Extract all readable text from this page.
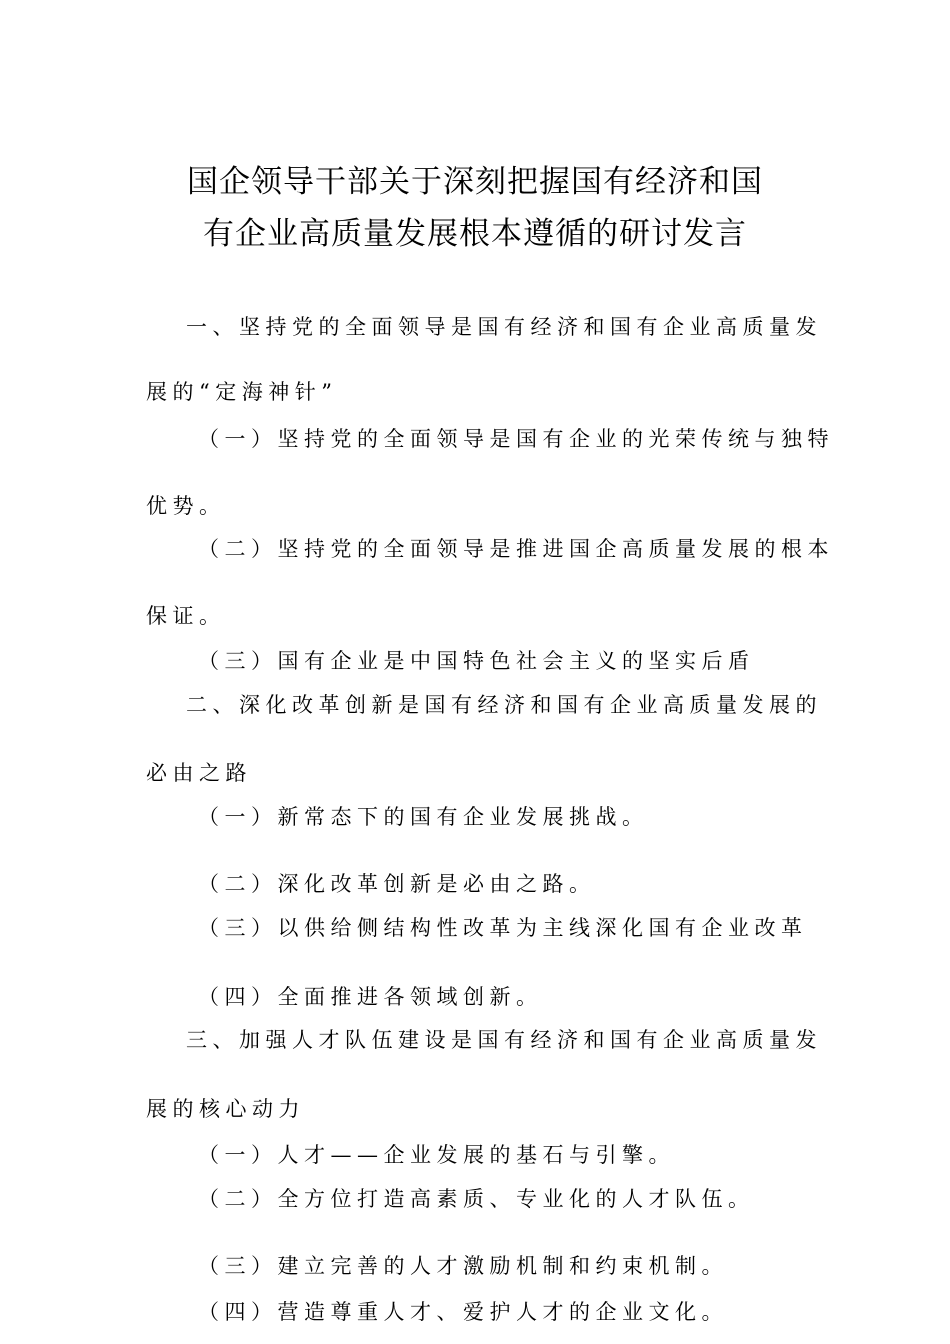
国企领导干部关于深刻把握国有经济和国
有企业高质量发展根本遵循的研讨发言
一、坚持党的全面领导是国有经济和国有企业高质量发
展的“定海神针”
（一）坚持党的全面领导是国有企业的光荣传统与独特
优势。
（二）坚持党的全面领导是推进国企高质量发展的根本
保证。
（三）国有企业是中国特色社会主义的坚实后盾
二、深化改革创新是国有经济和国有企业高质量发展的
必由之路
（一）新常态下的国有企业发展挑战。
（二）深化改革创新是必由之路。
（三）以供给侧结构性改革为主线深化国有企业改革
（四）全面推进各领域创新。
三、加强人才队伍建设是国有经济和国有企业高质量发
展的核心动力
（一）人才——企业发展的基石与引擎。
（二）全方位打造高素质、专业化的人才队伍。
（三）建立完善的人才激励机制和约束机制。
（四）营造尊重人才、爱护人才的企业文化。
